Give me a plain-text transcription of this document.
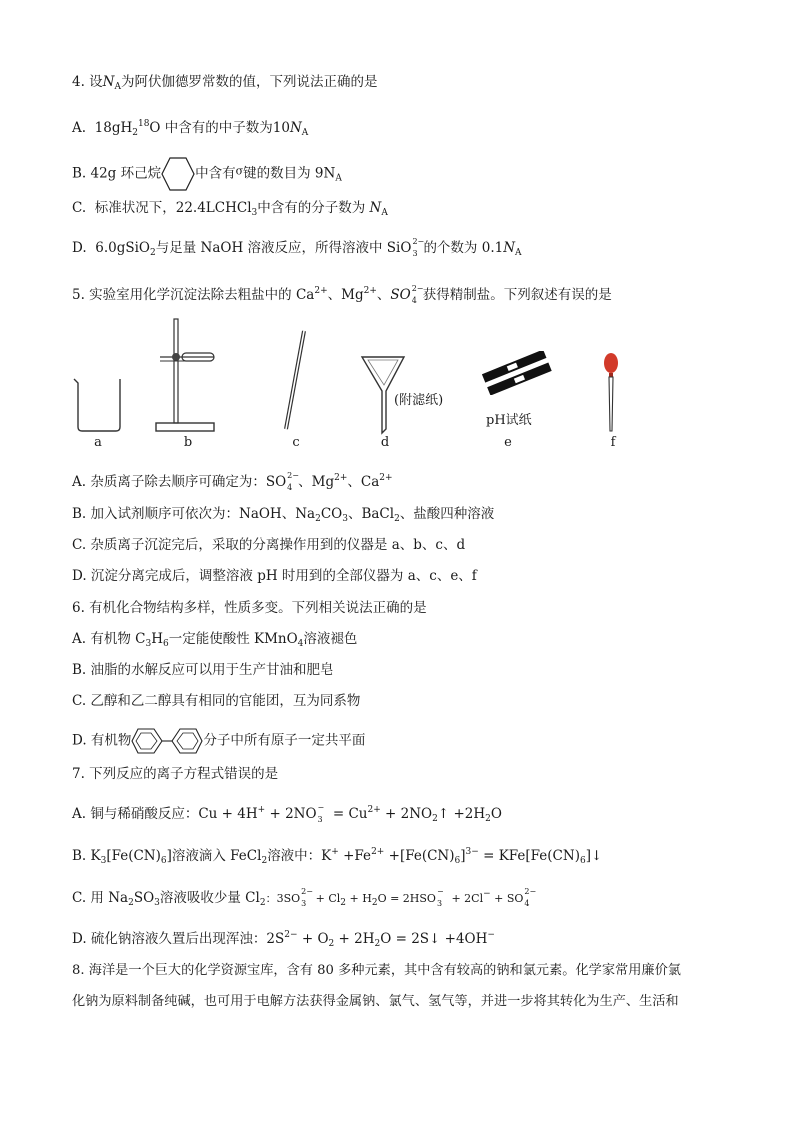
4. 设$N_A$为阿伏伽德罗常数的值，下列说法正确的是
A. $18gH_2^{18}O$ 中含有的中子数为$10N_A$
B. 42g 环己烷	中含有$^\sigma$键的数目为 $9N_A$
C. 标准状况下，22.4LCHCl$_3$中含有的分子数为 $N_A$
D. 6.0gSiO$_2$与足量 NaOH 溶液反应，所得溶液中 SiO 2−
3 的个数为 $0.1N_A$
5. 实验室用化学沉淀法除去粗盐中的 $Ca^{2+}$、$Mg^{2+}$、SO 2−
4 获得精制盐。下列叙述有误的是
a	b	c
(附滤纸)
d
pH试纸
e	f
A. 杂质离子除去顺序可确定为：SO 2−
4 、$Mg^{2+}$、$Ca^{2+}$
B. 加入试剂顺序可依次为：NaOH、$Na_2CO_3$、BaCl$_2$、盐酸四种溶液
C. 杂质离子沉淀完后，采取的分离操作用到的仪器是 a、b、c、d
D. 沉淀分离完成后，调整溶液 pH 时用到的全部仪器为 a、c、e、f
6. 有机化合物结构多样，性质多变。下列相关说法正确的是
A. 有机物 $C_3H_6$一定能使酸性 KMnO$_4$溶液褪色
B. 油脂的水解反应可以用于生产甘油和肥皂
C. 乙醇和乙二醇具有相同的官能团，互为同系物
D. 有机物	分子中所有原子一定共平面
7. 下列反应的离子方程式错误的是
A. 铜与稀硝酸反应：Cu + 4H+ + 2NO −
$3 = Cu^{2+}$ + $2NO_2↑ +2H_2O$
B. $K_3[Fe(CN)_6]$溶液滴入 FeCl$_2$溶液中：$K^+ +Fe^{2+} +[Fe(CN)_6]^{3-}$ = $KFe[Fe(CN)_6]↓$
C. 用 $Na_2SO_3$溶液吸收少量 $Cl_2$：3SO
2−
$3 + Cl_2 + H_2O = 2HSO$
−
3 + 2Cl− + SO
2−
4
D. 硫化钠溶液久置后出现浑浊：$2S^{2-} + O_2 + 2H_2O$ = 2S↓ +4OH−
8. 海洋是一个巨大的化学资源宝库，含有 80 多种元素，其中含有较高的钠和氯元素。化学家常用廉价氯
化钠为原料制备纯碱，也可用于电解方法获得金属钠、氯气、氢气等，并进一步将其转化为生产、生活和
